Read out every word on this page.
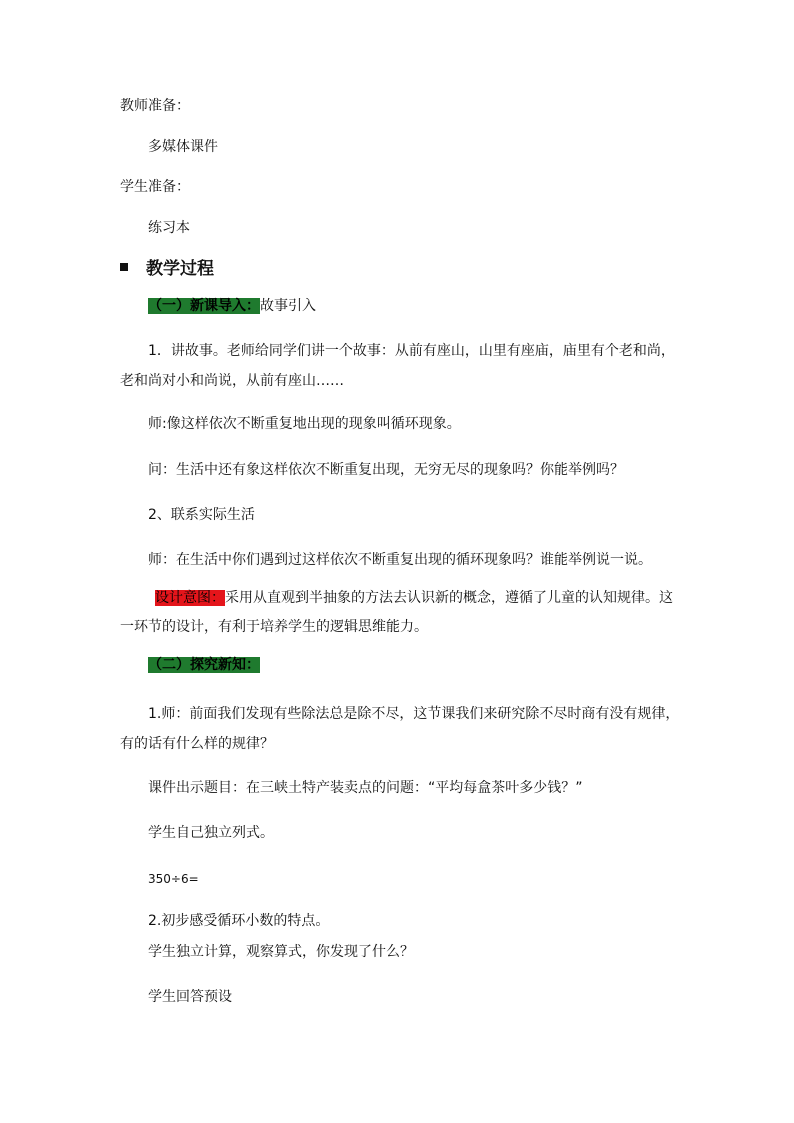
教师准备：
多媒体课件
学生准备：
练习本
教学过程
（一）新课导入：故事引入
1．讲故事。老师给同学们讲一个故事：从前有座山，山里有座庙，庙里有个老和尚，
老和尚对小和尚说，从前有座山……
师:像这样依次不断重复地出现的现象叫循环现象。
问：生活中还有象这样依次不断重复出现，无穷无尽的现象吗？你能举例吗？
2、联系实际生活
师：在生活中你们遇到过这样依次不断重复出现的循环现象吗？谁能举例说一说。
设计意图：采用从直观到半抽象的方法去认识新的概念，遵循了儿童的认知规律。这
一环节的设计，有利于培养学生的逻辑思维能力。
（二）探究新知：
1.师：前面我们发现有些除法总是除不尽，这节课我们来研究除不尽时商有没有规律，
有的话有什么样的规律？
课件出示题目：在三峡土特产装卖点的问题：“平均每盒茶叶多少钱？”
学生自己独立列式。
350÷6=
2.初步感受循环小数的特点。
学生独立计算，观察算式，你发现了什么？
学生回答预设
